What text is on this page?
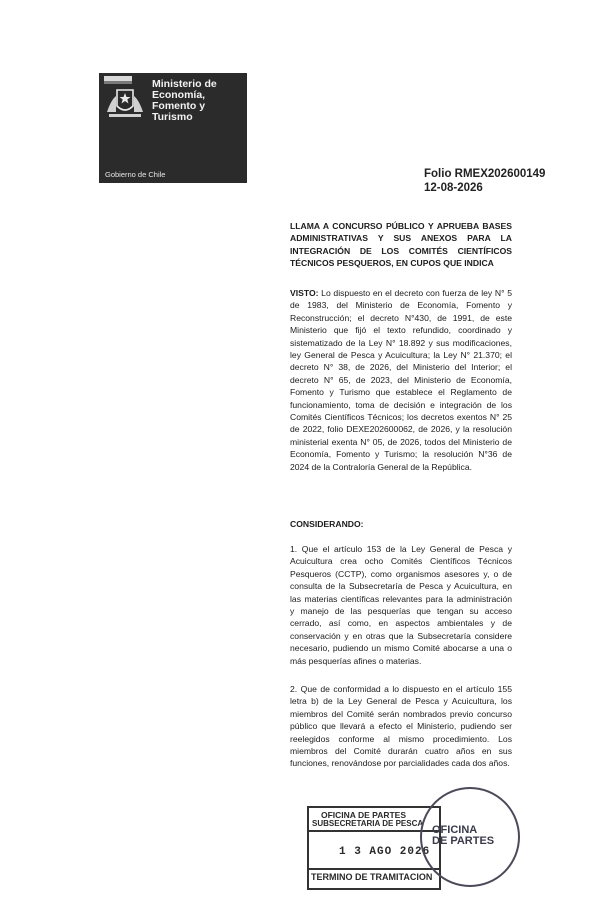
Ministerio de
Economía,
Fomento y
Turismo
Gobierno de Chile	Folio RMEX202600149
12-08-2026
LLAMA A CONCURSO PÚBLICO Y APRUEBA BASES ADMINISTRATIVAS Y SUS ANEXOS PARA LA INTEGRACIÓN DE LOS COMITÉS CIENTÍFICOS TÉCNICOS PESQUEROS, EN CUPOS QUE INDICA
VISTO: Lo dispuesto en el decreto con fuerza de ley N° 5 de 1983, del Ministerio de Economía, Fomento y Reconstrucción; el decreto N°430, de 1991, de este Ministerio que fijó el texto refundido, coordinado y sistematizado de la Ley N° 18.892 y sus modificaciones, ley General de Pesca y Acuicultura; la Ley N° 21.370; el decreto N° 38, de 2026, del Ministerio del Interior; el decreto N° 65, de 2023, del Ministerio de Economía, Fomento y Turismo que establece el Reglamento de funcionamiento, toma de decisión e integración de los Comités Científicos Técnicos; los decretos exentos N° 25 de 2022, folio DEXE202600062, de 2026, y la resolución ministerial exenta N° 05, de 2026, todos del Ministerio de Economía, Fomento y Turismo; la resolución N°36 de 2024 de la Contraloría General de la República.
CONSIDERANDO:
1. Que el artículo 153 de la Ley General de Pesca y Acuicultura crea ocho Comités Científicos Técnicos Pesqueros (CCTP), como organismos asesores y, o de consulta de la Subsecretaría de Pesca y Acuicultura, en las materias científicas relevantes para la administración y manejo de las pesquerías que tengan su acceso cerrado, así como, en aspectos ambientales y de conservación y en otras que la Subsecretaría considere necesario, pudiendo un mismo Comité abocarse a una o más pesquerías afines o materias.
2. Que de conformidad a lo dispuesto en el artículo 155 letra b) de la Ley General de Pesca y Acuicultura, los miembros del Comité serán nombrados previo concurso público que llevará a efecto el Ministerio, pudiendo ser reelegidos conforme al mismo procedimiento. Los miembros del Comité durarán cuatro años en sus funciones, renovándose por parcialidades cada dos años.
OFICINA DE PARTES
SUBSECRETARIA DE PESCA
1 3 AGO 2026
TERMINO DE TRAMITACION
OFICINA
DE PARTES
